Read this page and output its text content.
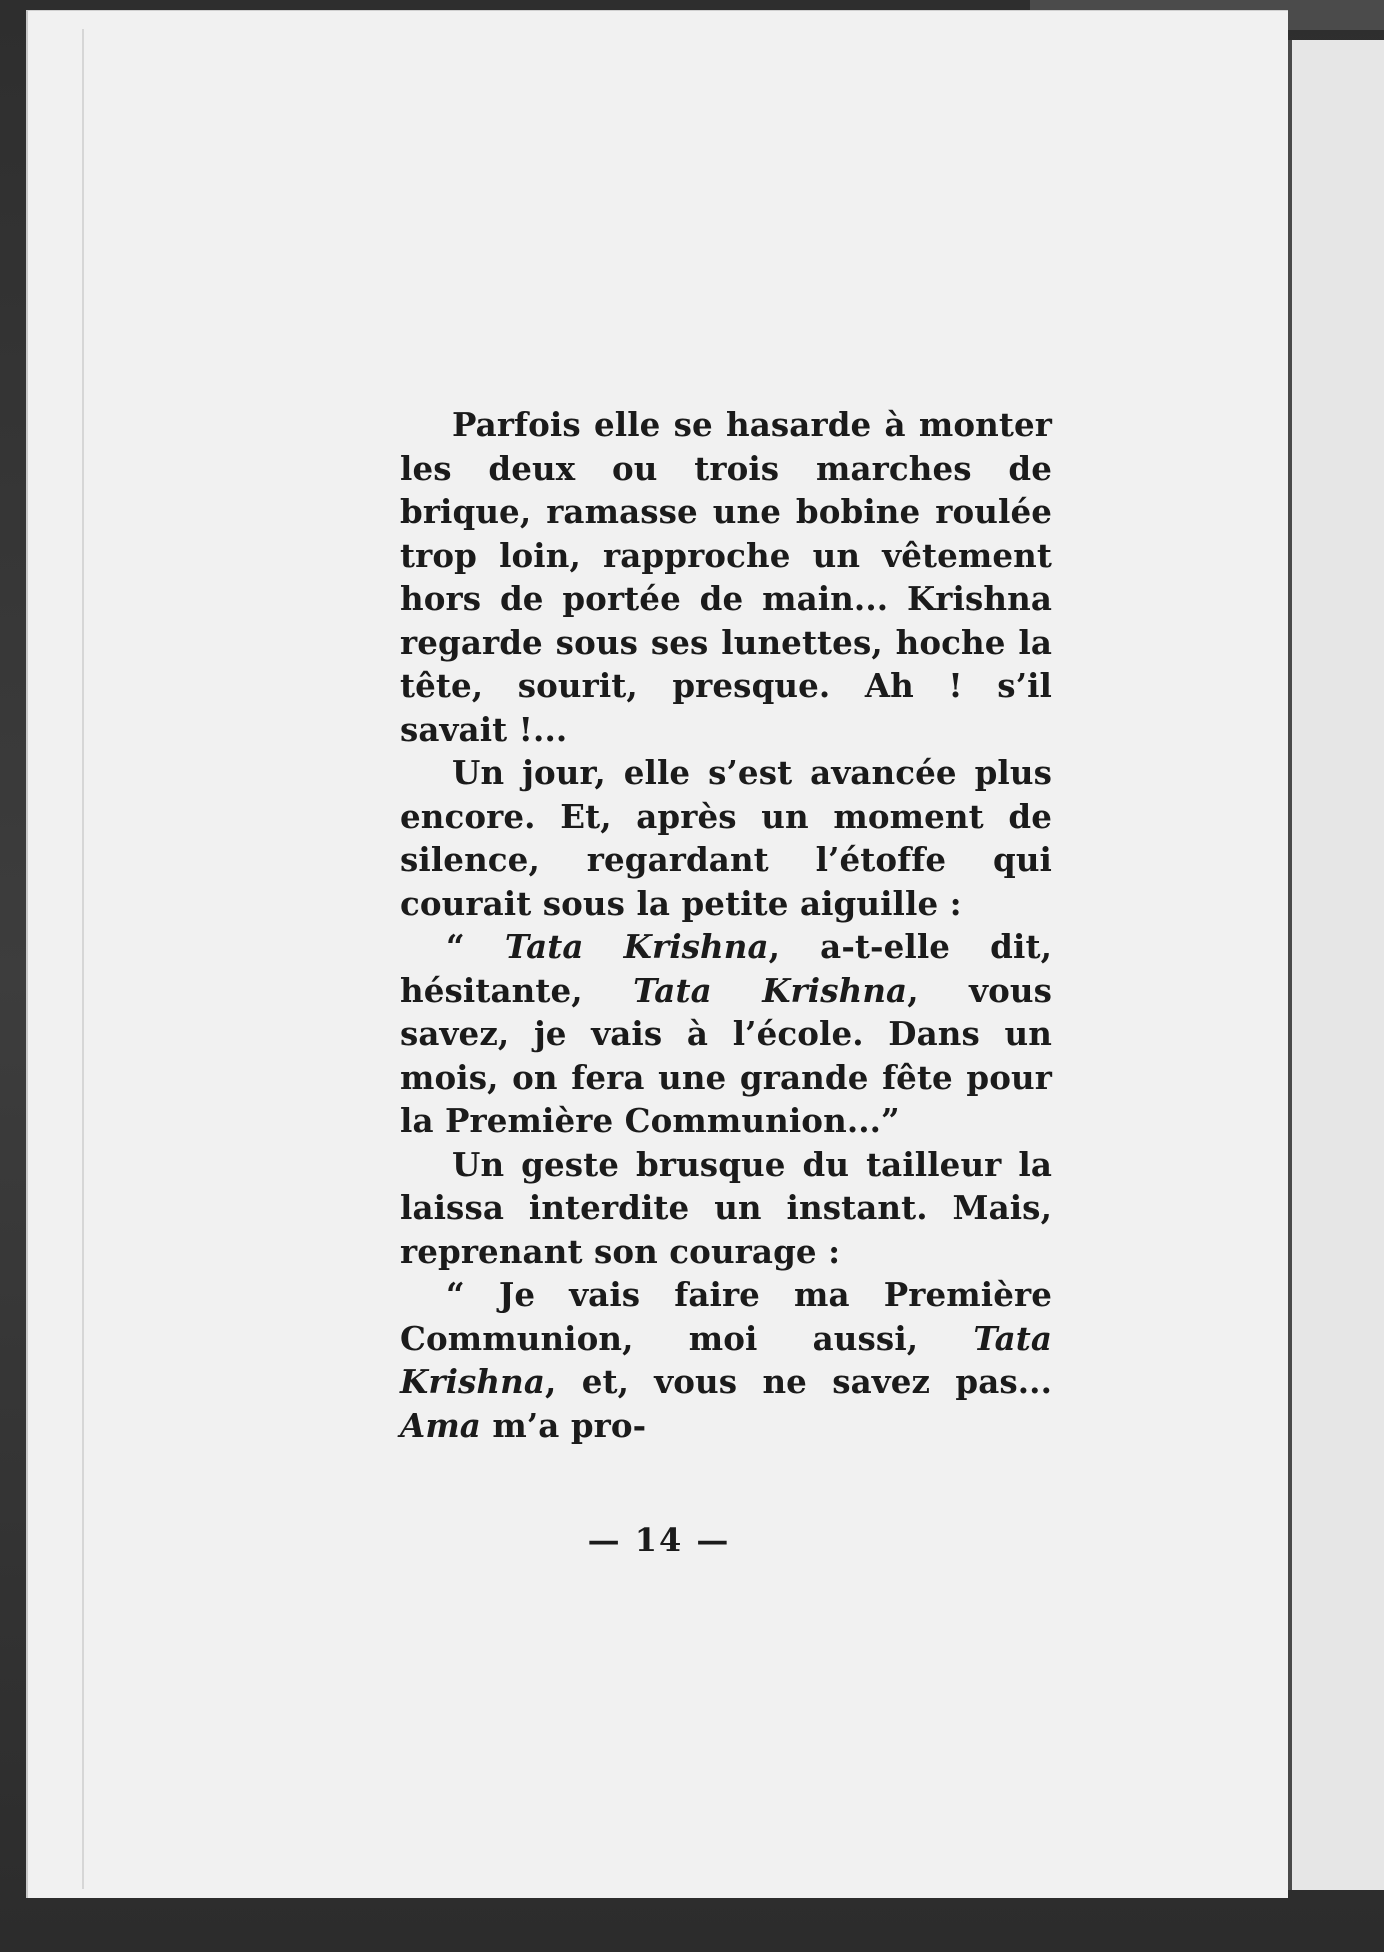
Parfois elle se hasarde à monter les deux ou trois marches de brique, ramasse une bobine roulée trop loin, rapproche un vêtement hors de portée de main... Krishna regarde sous ses lunettes, hoche la tête, sourit, presque. Ah ! s’il savait !...

Un jour, elle s’est avancée plus encore. Et, après un moment de silence, regardant l’étoffe qui courait sous la petite aiguille :

“ Tata Krishna, a-t-elle dit, hésitante, Tata Krishna, vous savez, je vais à l’école. Dans un mois, on fera une grande fête pour la Première Communion...”

Un geste brusque du tailleur la laissa interdite un instant. Mais, reprenant son courage :

“ Je vais faire ma Première Communion, moi aussi, Tata Krishna, et, vous ne savez pas... Ama m’a pro-

— 14 —
